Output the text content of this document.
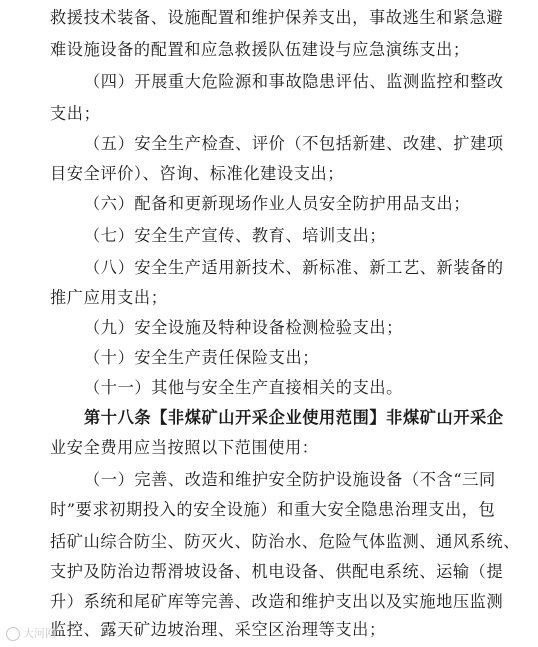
救援技术装备、设施配置和维护保养支出，事故逃生和紧急避
难设施设备的配置和应急救援队伍建设与应急演练支出；
（四）开展重大危险源和事故隐患评估、监测监控和整改
支出；
（五）安全生产检查、评价（不包括新建、改建、扩建项
目安全评价）、咨询、标准化建设支出；
（六）配备和更新现场作业人员安全防护用品支出；
（七）安全生产宣传、教育、培训支出；
（八）安全生产适用新技术、新标准、新工艺、新装备的
推广应用支出；
（九）安全设施及特种设备检测检验支出；
（十）安全生产责任保险支出；
（十一）其他与安全生产直接相关的支出。
第十八条【非煤矿山开采企业使用范围】非煤矿山开采企
业安全费用应当按照以下范围使用：
（一）完善、改造和维护安全防护设施设备（不含“三同
时”要求初期投入的安全设施）和重大安全隐患治理支出，包
括矿山综合防尘、防灭火、防治水、危险气体监测、通风系统、
支护及防治边帮滑坡设备、机电设备、供配电系统、运输（提
升）系统和尾矿库等完善、改造和维护支出以及实施地压监测
监控、露天矿边坡治理、采空区治理等支出；
大河网
